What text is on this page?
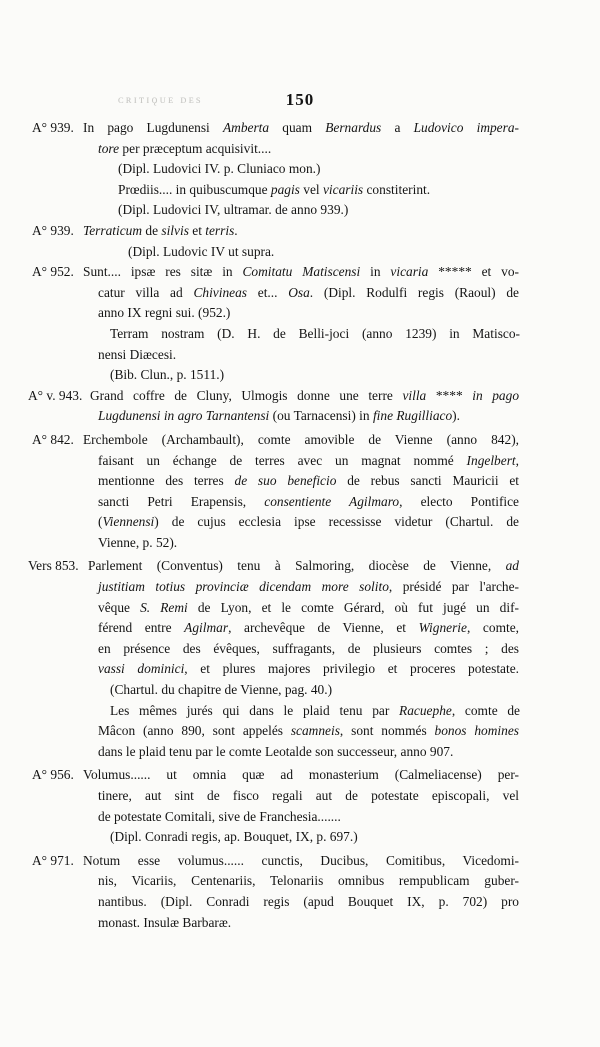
ᴄʀɪᴛɪǫᴜᴇ ᴅᴇs	150
A° 939. In pago Lugdunensi Amberta quam Bernardus a Ludovico impera-
tore per præceptum acquisivit....
(Dipl. Ludovici IV. p. Cluniaco mon.)
Prœdiis.... in quibuscumque pagis vel vicariis constiterint.
(Dipl. Ludovici IV, ultramar. de anno 939.)
A° 939. Terraticum de silvis et terris.
(Dipl. Ludovic IV ut supra.
A° 952. Sunt.... ipsæ res sitæ in Comitatu Matiscensi in vicaria ***** et vo-
catur villa ad Chivineas et... Osa. (Dipl. Rodulfi regis (Raoul) de
anno IX regni sui. (952.)
Terram nostram (D. H. de Belli-joci (anno 1239) in Matisco-
nensi Diæcesi.
(Bib. Clun., p. 1511.)
A° v. 943. Grand coffre de Cluny, Ulmogis donne une terre villa **** in pago
Lugdunensi in agro Tarnantensi (ou Tarnacensi) in fine Rugilliaco).
A° 842. Erchembole (Archambault), comte amovible de Vienne (anno 842),
faisant un échange de terres avec un magnat nommé Ingelbert,
mentionne des terres de suo beneficio de rebus sancti Mauricii et
sancti Petri Erapensis, consentiente Agilmaro, electo Pontifice
(Viennensi) de cujus ecclesia ipse recessisse videtur (Chartul. de
Vienne, p. 52).
Vers 853. Parlement (Conventus) tenu à Salmoring, diocèse de Vienne, ad
justitiam totius provinciæ dicendam more solito, présidé par l'arche-
vêque S. Remi de Lyon, et le comte Gérard, où fut jugé un dif-
férend entre Agilmar, archevêque de Vienne, et Wignerie, comte,
en présence des évêques, suffragants, de plusieurs comtes ; des
vassi dominici, et plures majores privilegio et proceres potestate.
(Chartul. du chapitre de Vienne, pag. 40.)
Les mêmes jurés qui dans le plaid tenu par Racuephe, comte de
Mâcon (anno 890, sont appelés scamneis, sont nommés bonos homines
dans le plaid tenu par le comte Leotalde son successeur, anno 907.
A° 956. Volumus...... ut omnia quæ ad monasterium (Calmeliacense) per-
tinere, aut sint de fisco regali aut de potestate episcopali, vel
de potestate Comitali, sive de Franchesia.......
(Dipl. Conradi regis, ap. Bouquet, IX, p. 697.)
A° 971. Notum esse volumus...... cunctis, Ducibus, Comitibus, Vicedomi-
nis, Vicariis, Centenariis, Telonariis omnibus rempublicam guber-
nantibus. (Dipl. Conradi regis (apud Bouquet IX, p. 702) pro
monast. Insulæ Barbaræ.
